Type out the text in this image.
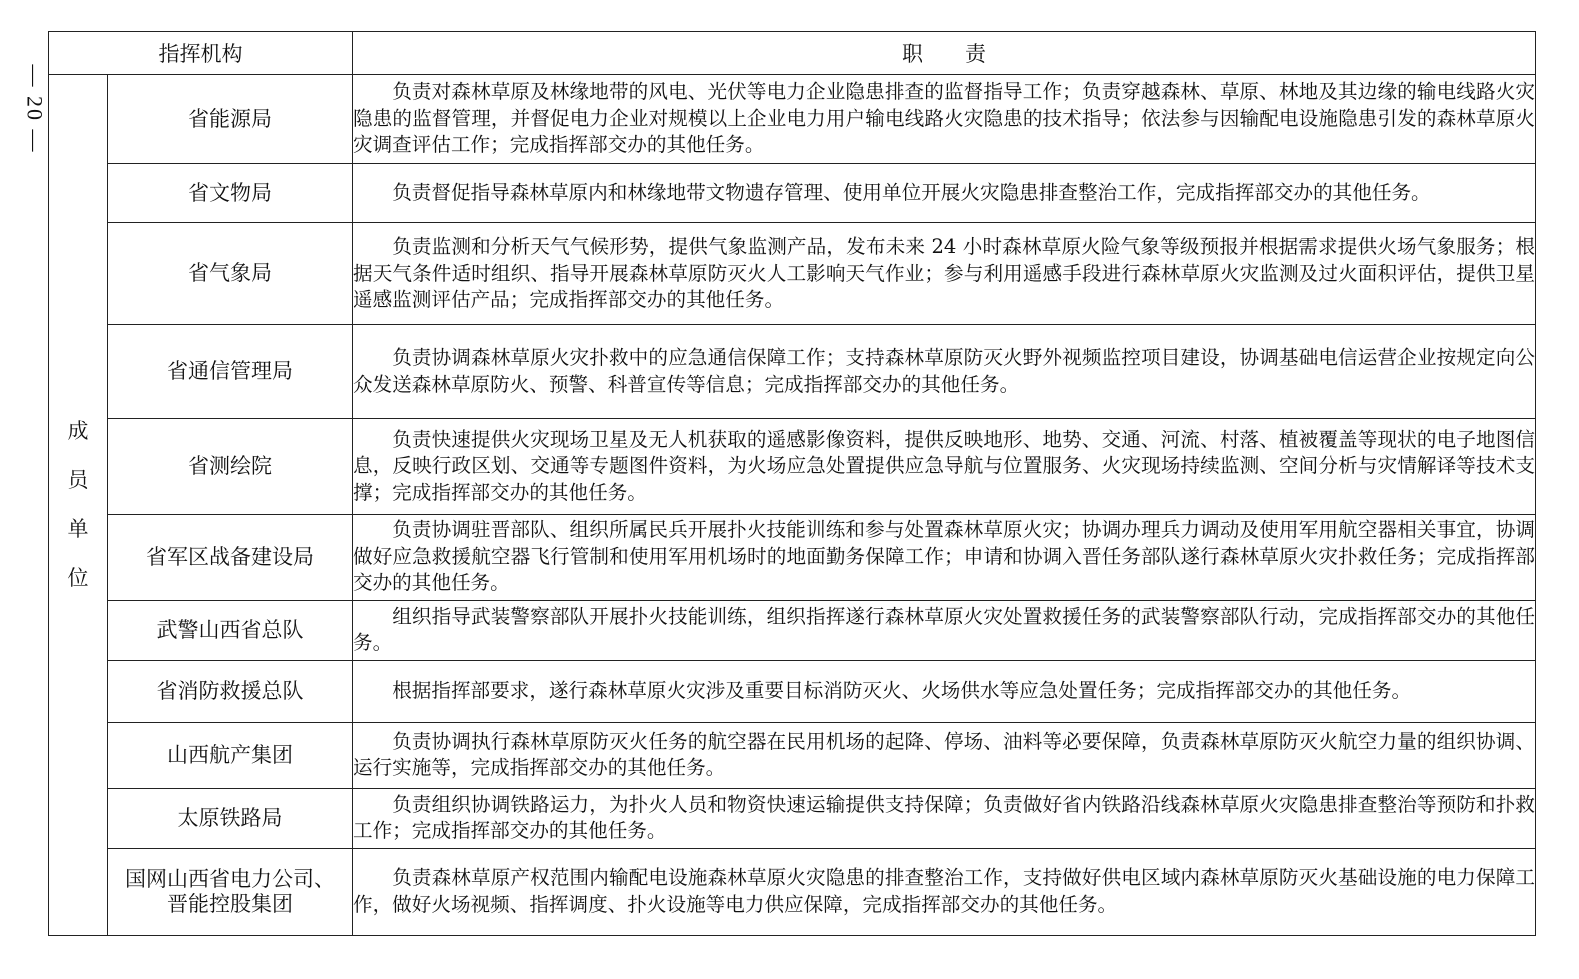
— 20 —
指挥机构		职　　责

成
员
单
位	省能源局	负责对森林草原及林缘地带的风电、光伏等电力企业隐患排查的监督指导工作；负责穿越森林、草原、林地及其边缘的输电线路火灾隐患的监督管理，并督促电力企业对规模以上企业电力用户输电线路火灾隐患的技术指导；依法参与因输配电设施隐患引发的森林草原火灾调查评估工作；完成指挥部交办的其他任务。
	省文物局	负责督促指导森林草原内和林缘地带文物遗存管理、使用单位开展火灾隐患排查整治工作，完成指挥部交办的其他任务。
	省气象局	负责监测和分析天气气候形势，提供气象监测产品，发布未来 24 小时森林草原火险气象等级预报并根据需求提供火场气象服务；根据天气条件适时组织、指导开展森林草原防灭火人工影响天气作业；参与利用遥感手段进行森林草原火灾监测及过火面积评估，提供卫星遥感监测评估产品；完成指挥部交办的其他任务。
	省通信管理局	负责协调森林草原火灾扑救中的应急通信保障工作；支持森林草原防灭火野外视频监控项目建设，协调基础电信运营企业按规定向公众发送森林草原防火、预警、科普宣传等信息；完成指挥部交办的其他任务。
	省测绘院	负责快速提供火灾现场卫星及无人机获取的遥感影像资料，提供反映地形、地势、交通、河流、村落、植被覆盖等现状的电子地图信息，反映行政区划、交通等专题图件资料，为火场应急处置提供应急导航与位置服务、火灾现场持续监测、空间分析与灾情解译等技术支撑；完成指挥部交办的其他任务。
	省军区战备建设局	负责协调驻晋部队、组织所属民兵开展扑火技能训练和参与处置森林草原火灾；协调办理兵力调动及使用军用航空器相关事宜，协调做好应急救援航空器飞行管制和使用军用机场时的地面勤务保障工作；申请和协调入晋任务部队遂行森林草原火灾扑救任务；完成指挥部交办的其他任务。
	武警山西省总队	组织指导武装警察部队开展扑火技能训练，组织指挥遂行森林草原火灾处置救援任务的武装警察部队行动，完成指挥部交办的其他任务。
	省消防救援总队	根据指挥部要求，遂行森林草原火灾涉及重要目标消防灭火、火场供水等应急处置任务；完成指挥部交办的其他任务。
	山西航产集团	负责协调执行森林草原防灭火任务的航空器在民用机场的起降、停场、油料等必要保障，负责森林草原防灭火航空力量的组织协调、运行实施等，完成指挥部交办的其他任务。
	太原铁路局	负责组织协调铁路运力，为扑火人员和物资快速运输提供支持保障；负责做好省内铁路沿线森林草原火灾隐患排查整治等预防和扑救工作；完成指挥部交办的其他任务。

	国网山西省电力公司、
晋能控股集团	负责森林草原产权范围内输配电设施森林草原火灾隐患的排查整治工作，支持做好供电区域内森林草原防灭火基础设施的电力保障工作，做好火场视频、指挥调度、扑火设施等电力供应保障，完成指挥部交办的其他任务。
